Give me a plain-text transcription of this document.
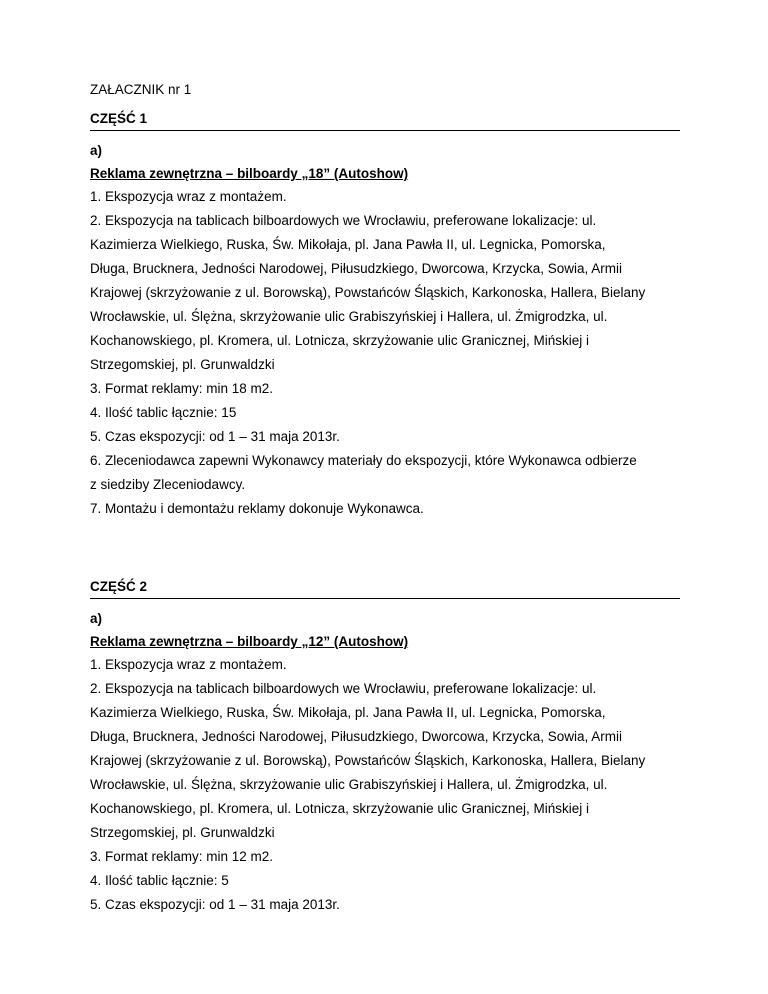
ZAŁACZNIK nr 1
CZĘŚĆ 1
a)
Reklama zewnętrzna – bilboardy „18” (Autoshow)
1. Ekspozycja wraz z montażem.
2. Ekspozycja na tablicach bilboardowych we Wrocławiu, preferowane lokalizacje: ul.
Kazimierza Wielkiego, Ruska, Św. Mikołaja, pl. Jana Pawła II, ul. Legnicka, Pomorska,
Długa, Brucknera, Jedności Narodowej, Piłusudzkiego, Dworcowa, Krzycka, Sowia, Armii
Krajowej (skrzyżowanie z ul. Borowską), Powstańców Śląskich, Karkonoska, Hallera, Bielany
Wrocławskie, ul. Ślężna, skrzyżowanie ulic Grabiszyńskiej i Hallera, ul. Żmigrodzka, ul.
Kochanowskiego, pl. Kromera, ul. Lotnicza, skrzyżowanie ulic Granicznej, Mińskiej i
Strzegomskiej, pl. Grunwaldzki
3. Format reklamy: min 18 m2.
4. Ilość tablic łącznie: 15
5. Czas ekspozycji: od 1 – 31 maja 2013r.
6. Zleceniodawca zapewni Wykonawcy materiały do ekspozycji, które Wykonawca odbierze
z siedziby Zleceniodawcy.
7. Montażu i demontażu reklamy dokonuje Wykonawca.
CZĘŚĆ 2
a)
Reklama zewnętrzna – bilboardy „12” (Autoshow)
1. Ekspozycja wraz z montażem.
2. Ekspozycja na tablicach bilboardowych we Wrocławiu, preferowane lokalizacje: ul.
Kazimierza Wielkiego, Ruska, Św. Mikołaja, pl. Jana Pawła II, ul. Legnicka, Pomorska,
Długa, Brucknera, Jedności Narodowej, Piłusudzkiego, Dworcowa, Krzycka, Sowia, Armii
Krajowej (skrzyżowanie z ul. Borowską), Powstańców Śląskich, Karkonoska, Hallera, Bielany
Wrocławskie, ul. Ślężna, skrzyżowanie ulic Grabiszyńskiej i Hallera, ul. Żmigrodzka, ul.
Kochanowskiego, pl. Kromera, ul. Lotnicza, skrzyżowanie ulic Granicznej, Mińskiej i
Strzegomskiej, pl. Grunwaldzki
3. Format reklamy: min 12 m2.
4. Ilość tablic łącznie: 5
5. Czas ekspozycji: od 1 – 31 maja 2013r.
